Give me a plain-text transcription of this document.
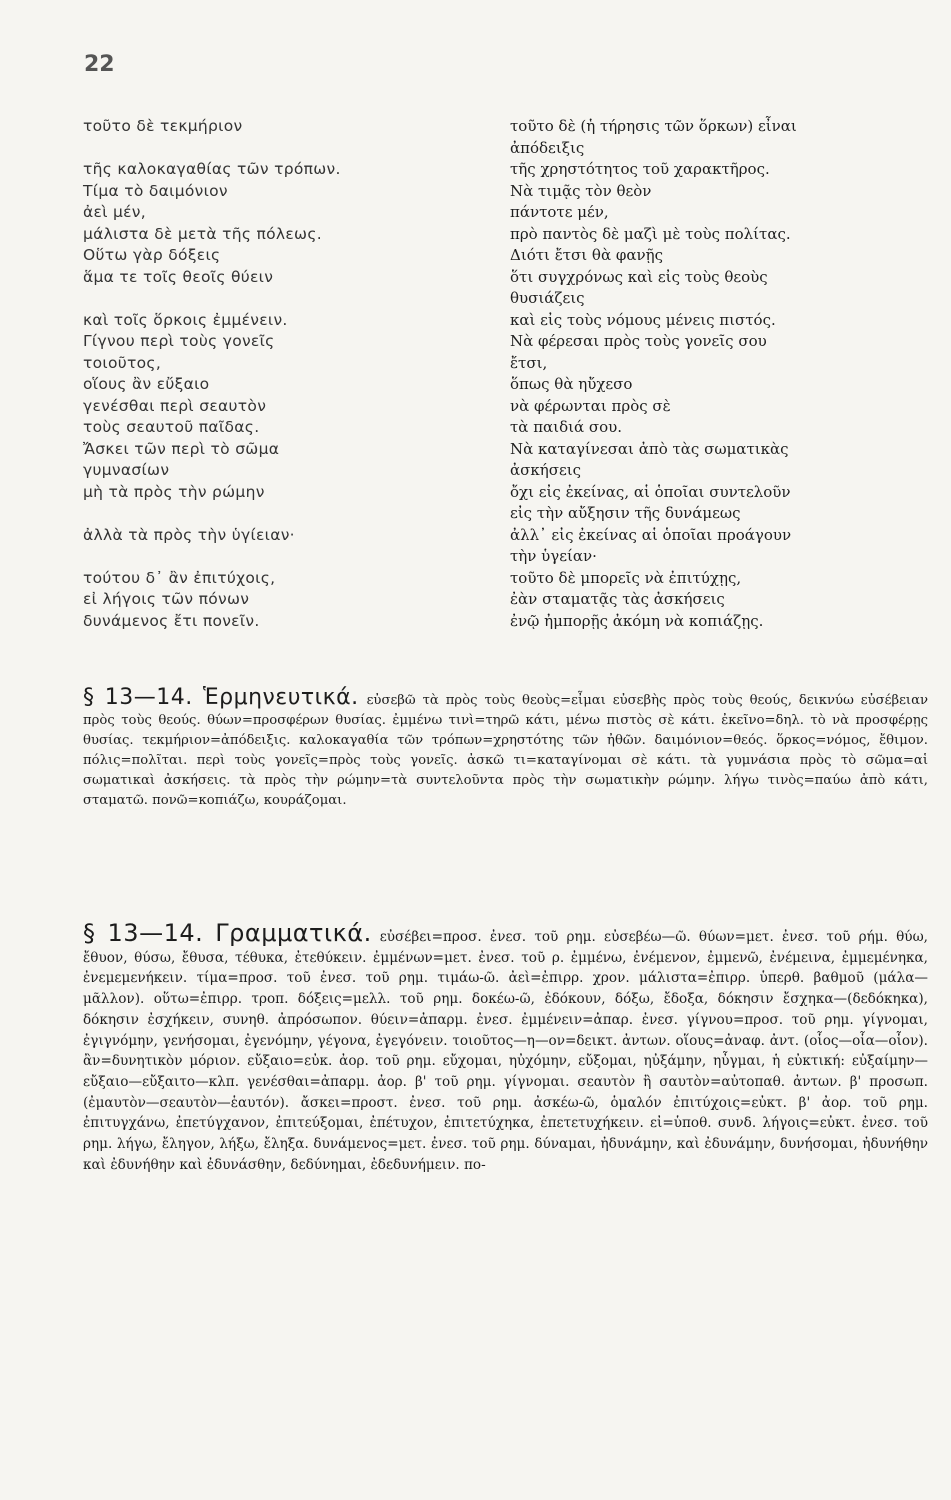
22
τοῦτο δὲ τεκμήριον
τῆς καλοκαγαθίας τῶν τρόπων.
Τίμα τὸ δαιμόνιον
ἀεὶ μέν,
μάλιστα δὲ μετὰ τῆς πόλεως.
Οὕτω γὰρ δόξεις
ἅμα τε τοῖς θεοῖς θύειν
καὶ τοῖς ὅρκοις ἐμμένειν.
Γίγνου περὶ τοὺς γονεῖς
τοιοῦτος,
οἵους ἂν εὔξαιο
γενέσθαι περὶ σεαυτὸν
τοὺς σεαυτοῦ παῖδας.
Ἄσκει τῶν περὶ τὸ σῶμα
γυμνασίων
μὴ τὰ πρὸς τὴν ρώμην
ἀλλὰ τὰ πρὸς τὴν ὑγίειαν·
τούτου δ᾽ ἂν ἐπιτύχοις,
εἰ λήγοις τῶν πόνων
δυνάμενος ἔτι πονεῖν.
τοῦτο δὲ (ἡ τήρησις τῶν ὅρκων) εἶναι
ἀπόδειξις
τῆς χρηστότητος τοῦ χαρακτῆρος.
Νὰ τιμᾷς τὸν θεὸν
πάντοτε μέν,
πρὸ παντὸς δὲ μαζὶ μὲ τοὺς πολίτας.
Διότι ἔτσι θὰ φανῇς
ὅτι συγχρόνως καὶ εἰς τοὺς θεοὺς
θυσιάζεις
καὶ εἰς τοὺς νόμους μένεις πιστός.
Νὰ φέρεσαι πρὸς τοὺς γονεῖς σου
ἔτσι,
ὅπως θὰ ηὔχεσο
νὰ φέρωνται πρὸς σὲ
τὰ παιδιά σου.
Νὰ καταγίνεσαι ἀπὸ τὰς σωματικὰς
ἀσκήσεις
ὄχι εἰς ἐκείνας, αἱ ὁποῖαι συντελοῦν
εἰς τὴν αὔξησιν τῆς δυνάμεως
ἀλλ᾽ εἰς ἐκείνας αἱ ὁποῖαι προάγουν
τὴν ὑγείαν·
τοῦτο δὲ μπορεῖς νὰ ἐπιτύχῃς,
ἐὰν σταματᾷς τὰς ἀσκήσεις
ἐνῷ ἠμπορῇς ἀκόμη νὰ κοπιάζῃς.

§ 13—14. Ἑρμηνευτικά. εὐσεβῶ τὰ πρὸς τοὺς θεοὺς=εἶμαι εὐσεβὴς πρὸς τοὺς θεούς, δεικνύω εὐσέβειαν πρὸς τοὺς θεούς. θύων=προσφέρων θυσίας. ἐμμένω τινὶ=τηρῶ κάτι, μένω πιστὸς σὲ κάτι. ἐκεῖνο=δηλ. τὸ νὰ προσφέρῃς θυσίας. τεκμήριον=ἀπόδειξις. καλοκαγαθία τῶν τρόπων=χρηστότης τῶν ἠθῶν. δαιμόνιον=θεός. ὅρκος=νόμος, ἔθιμον. πόλις=πολῖται. περὶ τοὺς γονεῖς=πρὸς τοὺς γονεῖς. ἀσκῶ τι=καταγίνομαι σὲ κάτι. τὰ γυμνάσια πρὸς τὸ σῶμα=αἱ σωματικαὶ ἀσκήσεις. τὰ πρὸς τὴν ρώμην=τὰ συντελοῦντα πρὸς τὴν σωματικὴν ρώμην. λήγω τινὸς=παύω ἀπὸ κάτι, σταματῶ. πονῶ=κοπιάζω, κουράζομαι.

§ 13—14. Γραμματικά. εὐσέβει=προσ. ἐνεσ. τοῦ ρημ. εὐσεβέω—ῶ. θύων=μετ. ἐνεσ. τοῦ ρήμ. θύω, ἔθυον, θύσω, ἔθυσα, τέθυκα, ἐτεθύκειν. ἐμμένων=μετ. ἐνεσ. τοῦ ρ. ἐμμένω, ἐνέμενον, ἐμμενῶ, ἐνέμεινα, ἐμμεμένηκα, ἐνεμεμενήκειν. τίμα=προσ. τοῦ ἐνεσ. τοῦ ρημ. τιμάω-ῶ. ἀεὶ=ἐπιρρ. χρον. μάλιστα=ἐπιρρ. ὑπερθ. βαθμοῦ (μάλα—μᾶλλον). οὕτω=ἐπιρρ. τροπ. δόξεις=μελλ. τοῦ ρημ. δοκέω-ῶ, ἐδόκουν, δόξω, ἔδοξα, δόκησιν ἔσχηκα—(δεδόκηκα), δόκησιν ἐσχήκειν, συνηθ. ἀπρόσωπον. θύειν=ἀπαρμ. ἐνεσ. ἐμμένειν=ἀπαρ. ἐνεσ. γίγνου=προσ. τοῦ ρημ. γίγνομαι, ἐγιγνόμην, γενήσομαι, ἐγενόμην, γέγονα, ἐγεγόνειν. τοιοῦτος—η—ον=δεικτ. ἀντων. οἵους=ἀναφ. ἀντ. (οἷος—οἷα—οἷον). ἂν=δυνητικὸν μόριον. εὔξαιο=εὐκ. ἀορ. τοῦ ρημ. εὔχομαι, ηὐχόμην, εὔξομαι, ηὐξάμην, ηὖγμαι, ἡ εὐκτική: εὐξαίμην—εὔξαιο—εὔξαιτο—κλπ. γενέσθαι=ἀπαρμ. ἀορ. β' τοῦ ρημ. γίγνομαι. σεαυτὸν ἢ σαυτὸν=αὐτοπαθ. ἀντων. β' προσωπ. (ἐμαυτὸν—σεαυτὸν—ἑαυτόν). ἄσκει=προστ. ἐνεσ. τοῦ ρημ. ἀσκέω-ῶ, ὁμαλόν ἐπιτύχοις=εὐκτ. β' ἀορ. τοῦ ρημ. ἐπιτυγχάνω, ἐπετύγχανον, ἐπιτεύξομαι, ἐπέτυχον, ἐπιτετύχηκα, ἐπετετυχήκειν. εἰ=ὑποθ. συνδ. λήγοις=εὐκτ. ἐνεσ. τοῦ ρημ. λήγω, ἔληγον, λήξω, ἔληξα. δυνάμενος=μετ. ἐνεσ. τοῦ ρημ. δύναμαι, ἠδυνάμην, καὶ ἐδυνάμην, δυνήσομαι, ἠδυνήθην καὶ ἐδυνήθην καὶ ἐδυνάσθην, δεδύνημαι, ἐδεδυνήμειν. πο-
